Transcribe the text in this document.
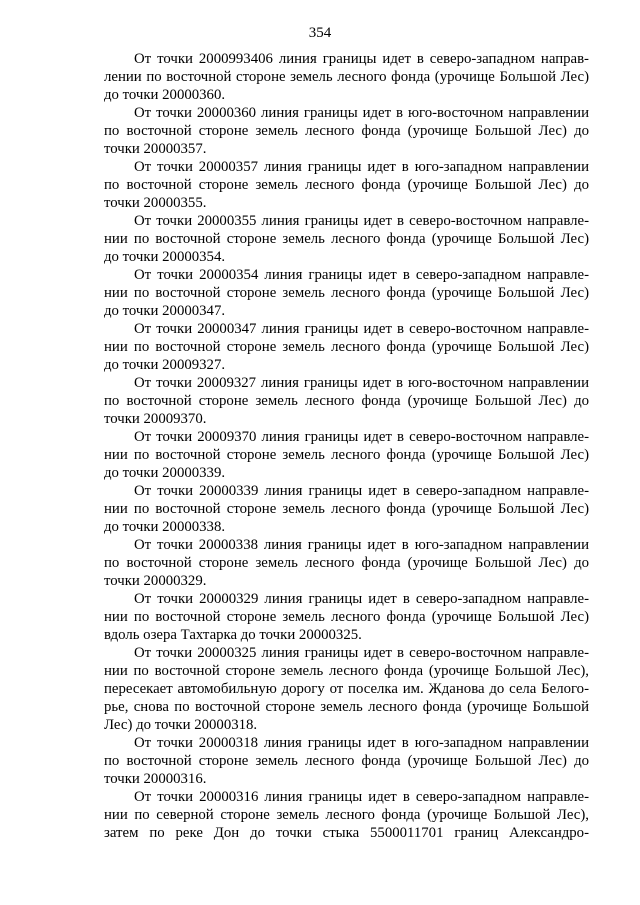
354
От точки 2000993406 линия границы идет в северо-западном направ-
лении по восточной стороне земель лесного фонда (урочище Большой Лес)
до точки 20000360.
От точки 20000360 линия границы идет в юго-восточном направлении
по восточной стороне земель лесного фонда (урочище Большой Лес) до
точки 20000357.
От точки 20000357 линия границы идет в юго-западном направлении
по восточной стороне земель лесного фонда (урочище Большой Лес) до
точки 20000355.
От точки 20000355 линия границы идет в северо-восточном направле-
нии по восточной стороне земель лесного фонда (урочище Большой Лес)
до точки 20000354.
От точки 20000354 линия границы идет в северо-западном направле-
нии по восточной стороне земель лесного фонда (урочище Большой Лес)
до точки 20000347.
От точки 20000347 линия границы идет в северо-восточном направле-
нии по восточной стороне земель лесного фонда (урочище Большой Лес)
до точки 20009327.
От точки 20009327 линия границы идет в юго-восточном направлении
по восточной стороне земель лесного фонда (урочище Большой Лес) до
точки 20009370.
От точки 20009370 линия границы идет в северо-восточном направле-
нии по восточной стороне земель лесного фонда (урочище Большой Лес)
до точки 20000339.
От точки 20000339 линия границы идет в северо-западном направле-
нии по восточной стороне земель лесного фонда (урочище Большой Лес)
до точки 20000338.
От точки 20000338 линия границы идет в юго-западном направлении
по восточной стороне земель лесного фонда (урочище Большой Лес) до
точки 20000329.
От точки 20000329 линия границы идет в северо-западном направле-
нии по восточной стороне земель лесного фонда (урочище Большой Лес)
вдоль озера Тахтарка до точки 20000325.
От точки 20000325 линия границы идет в северо-восточном направле-
нии по восточной стороне земель лесного фонда (урочище Большой Лес),
пересекает автомобильную дорогу от поселка им. Жданова до села Белого-
рье, снова по восточной стороне земель лесного фонда (урочище Большой
Лес) до точки 20000318.
От точки 20000318 линия границы идет в юго-западном направлении
по восточной стороне земель лесного фонда (урочище Большой Лес) до
точки 20000316.
От точки 20000316 линия границы идет в северо-западном направле-
нии по северной стороне земель лесного фонда (урочище Большой Лес),
затем по реке Дон до точки стыка 5500011701 границ Александро-
